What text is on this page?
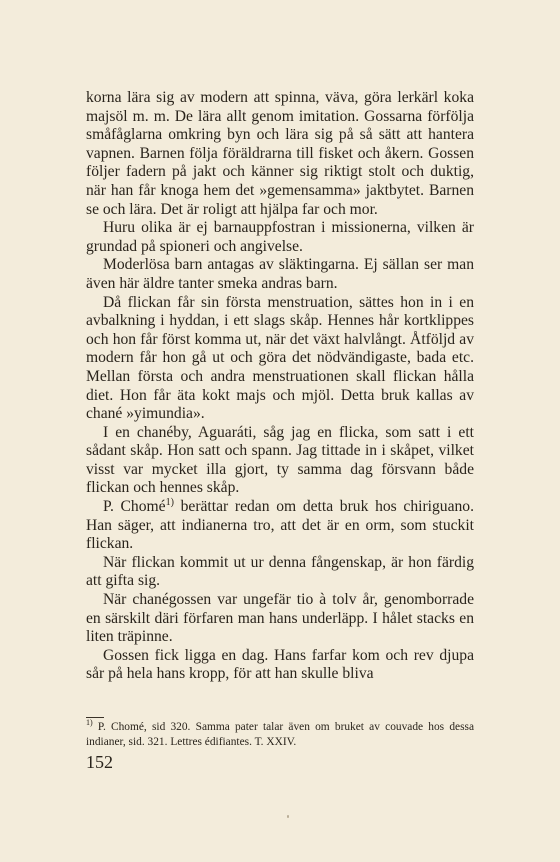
korna lära sig av modern att spinna, väva, göra lerkärl koka majsöl m. m. De lära allt genom imitation. Gossarna förfölja småfåglarna omkring byn och lära sig på så sätt att hantera vapnen. Barnen följa föräldrarna till fisket och åkern. Gossen följer fadern på jakt och känner sig riktigt stolt och duktig, när han får knoga hem det »gemensamma» jaktbytet. Barnen se och lära. Det är roligt att hjälpa far och mor.

Huru olika är ej barnauppfostran i missionerna, vilken är grundad på spioneri och angivelse.

Moderlösa barn antagas av släktingarna. Ej sällan ser man även här äldre tanter smeka andras barn.

Då flickan får sin första menstruation, sättes hon in i en avbalkning i hyddan, i ett slags skåp. Hennes hår kortklippes och hon får först komma ut, när det växt halvlångt. Åtföljd av modern får hon gå ut och göra det nödvändigaste, bada etc. Mellan första och andra menstruationen skall flickan hålla diet. Hon får äta kokt majs och mjöl. Detta bruk kallas av chané »yimundia».

I en chanéby, Aguaráti, såg jag en flicka, som satt i ett sådant skåp. Hon satt och spann. Jag tittade in i skåpet, vilket visst var mycket illa gjort, ty samma dag försvann både flickan och hennes skåp.

P. Chomé$^{1)}$ berättar redan om detta bruk hos chiriguano. Han säger, att indianerna tro, att det är en orm, som stuckit flickan.

När flickan kommit ut ur denna fångenskap, är hon färdig att gifta sig.

När chanégossen var ungefär tio à tolv år, genomborrade en särskilt däri förfaren man hans underläpp. I hålet stacks en liten träpinne.

Gossen fick ligga en dag. Hans farfar kom och rev djupa sår på hela hans kropp, för att han skulle bliva

$^{1)}$ P. Chomé, sid 320. Samma pater talar även om bruket av couvade hos dessa indianer, sid. 321. Lettres édifiantes. T. XXIV.
152
